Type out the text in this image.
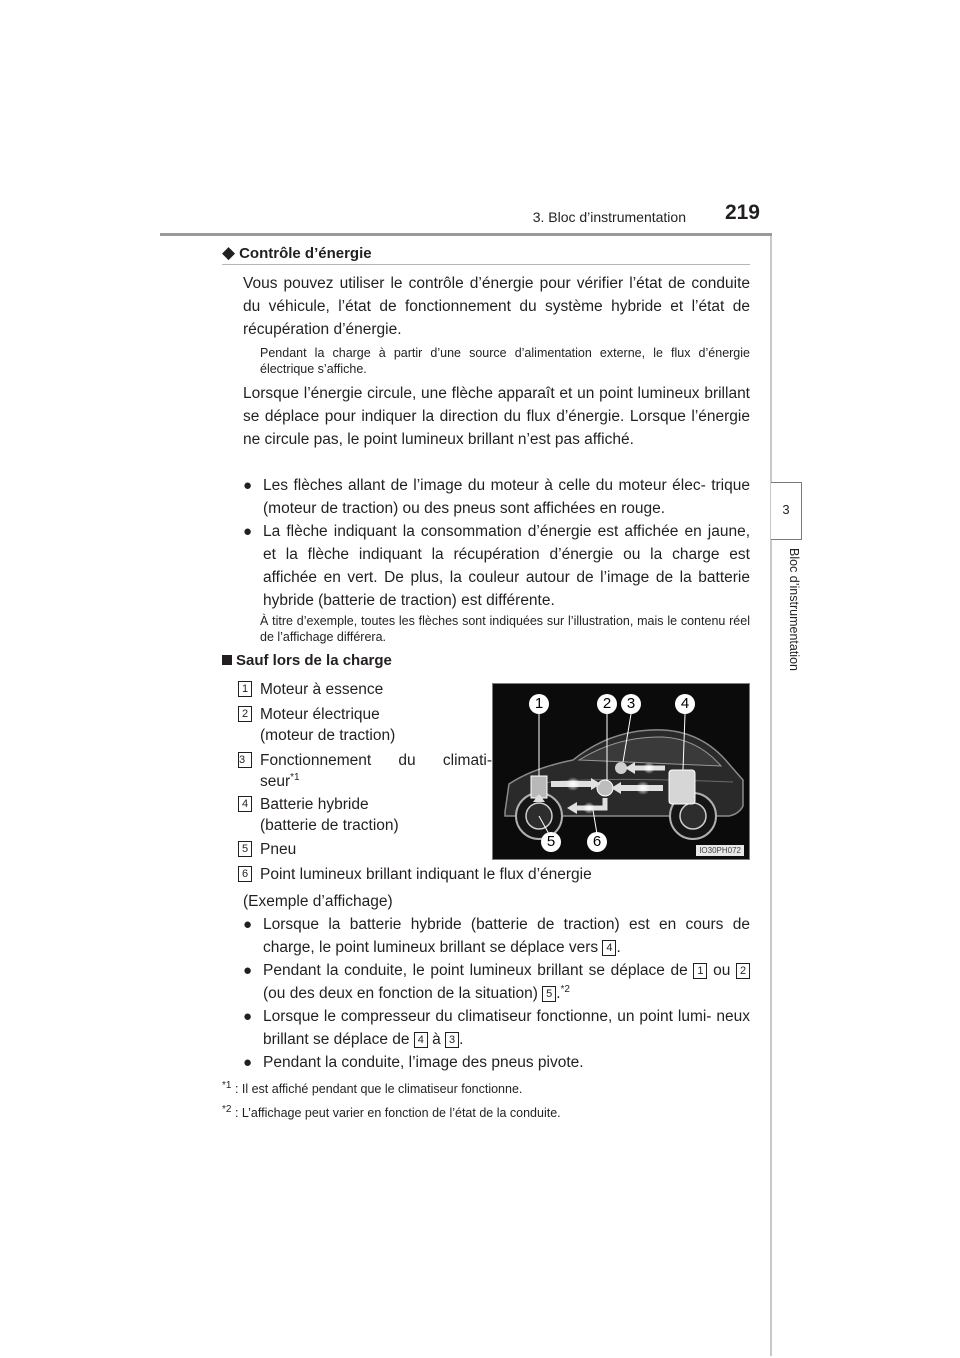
3. Bloc d’instrumentation	219
3
Bloc d’instrumentation
◆ Contrôle d’énergie
Vous pouvez utiliser le contrôle d’énergie pour vérifier l’état de conduite du véhicule, l’état de fonctionnement du système hybride et l’état de récupération d’énergie.
Pendant la charge à partir d’une source d’alimentation externe, le flux d’énergie électrique s’affiche.
Lorsque l’énergie circule, une flèche apparaît et un point lumineux brillant se déplace pour indiquer la direction du flux d’énergie. Lorsque l’énergie ne circule pas, le point lumineux brillant n’est pas affiché.
● Les flèches allant de l’image du moteur à celle du moteur élec- trique (moteur de traction) ou des pneus sont affichées en rouge.
● La flèche indiquant la consommation d’énergie est affichée en jaune, et la flèche indiquant la récupération d’énergie ou la charge est affichée en vert. De plus, la couleur autour de l’image de la batterie hybride (batterie de traction) est différente.
À titre d’exemple, toutes les flèches sont indiquées sur l’illustration, mais le contenu réel de l’affichage différera.
Sauf lors de la charge
1 Moteur à essence
2 Moteur électrique
(moteur de traction)
3 Fonctionnement du climati-
seur$^{*1}$
4 Batterie hybride
(batterie de traction)
5 Pneu
6 Point lumineux brillant indiquant le flux d’énergie
1	2	3	4
5	6
IO30PH072
(Exemple d’affichage)
● Lorsque la batterie hybride (batterie de traction) est en cours de charge, le point lumineux brillant se déplace vers 4 .
● Pendant la conduite, le point lumineux brillant se déplace de 1 ou 2 (ou des deux en fonction de la situation) 5 .$^{*2}$
● Lorsque le compresseur du climatiseur fonctionne, un point lumi- neux brillant se déplace de 4 à 3 .
● Pendant la conduite, l’image des pneus pivote.
$^{*1}$ : Il est affiché pendant que le climatiseur fonctionne.
$^{*2}$ : L’affichage peut varier en fonction de l’état de la conduite.
